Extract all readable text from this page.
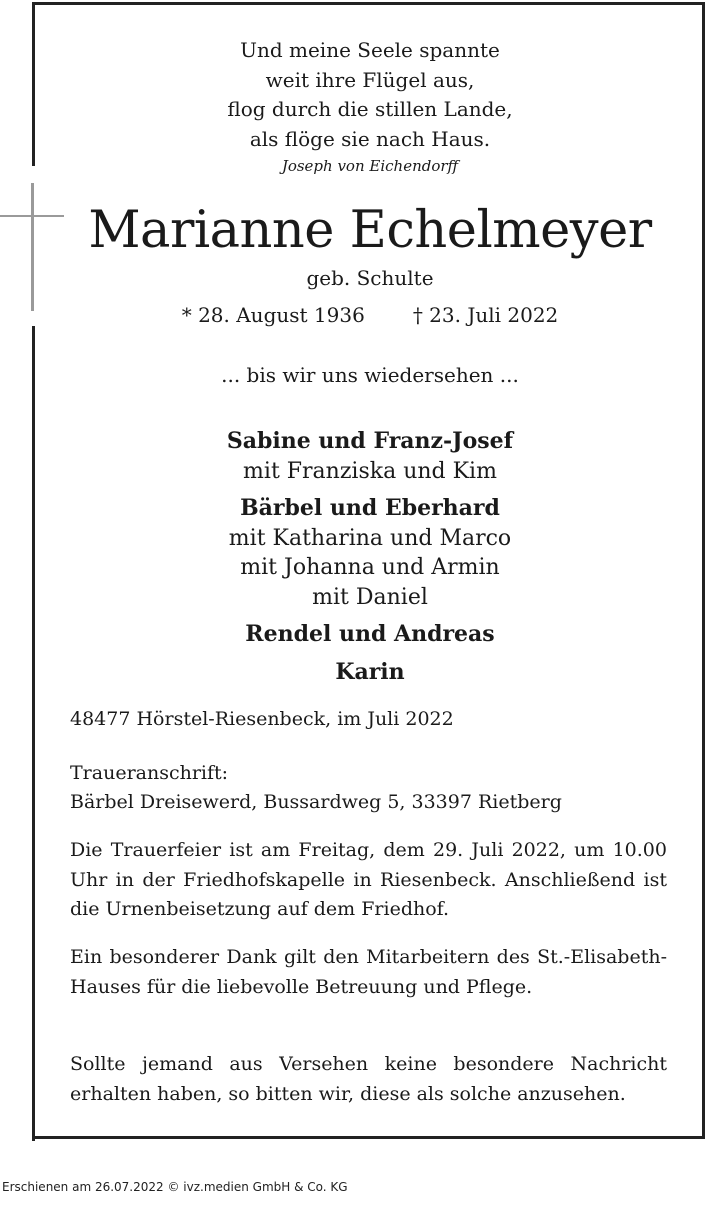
Und meine Seele spannte
weit ihre Flügel aus,
flog durch die stillen Lande,
als flöge sie nach Haus.
Joseph von Eichendorff
Marianne Echelmeyer
geb. Schulte
* 28. August 1936 † 23. Juli 2022
... bis wir uns wiedersehen ...
Sabine und Franz-Josef
mit Franziska und Kim
Bärbel und Eberhard
mit Katharina und Marco
mit Johanna und Armin
mit Daniel
Rendel und Andreas
Karin
48477 Hörstel-Riesenbeck, im Juli 2022
Traueranschrift:
Bärbel Dreisewerd, Bussardweg 5, 33397 Rietberg
Die Trauerfeier ist am Freitag, dem 29. Juli 2022, um 10.00 Uhr in der Friedhofskapelle in Riesenbeck. Anschließend ist die Urnenbeisetzung auf dem Friedhof.
Ein besonderer Dank gilt den Mitarbeitern des St.-Elisabeth-Hauses für die liebevolle Betreuung und Pflege.
Sollte jemand aus Versehen keine besondere Nachricht erhalten haben, so bitten wir, diese als solche anzusehen.
Erschienen am 26.07.2022 © ivz.medien GmbH & Co. KG
